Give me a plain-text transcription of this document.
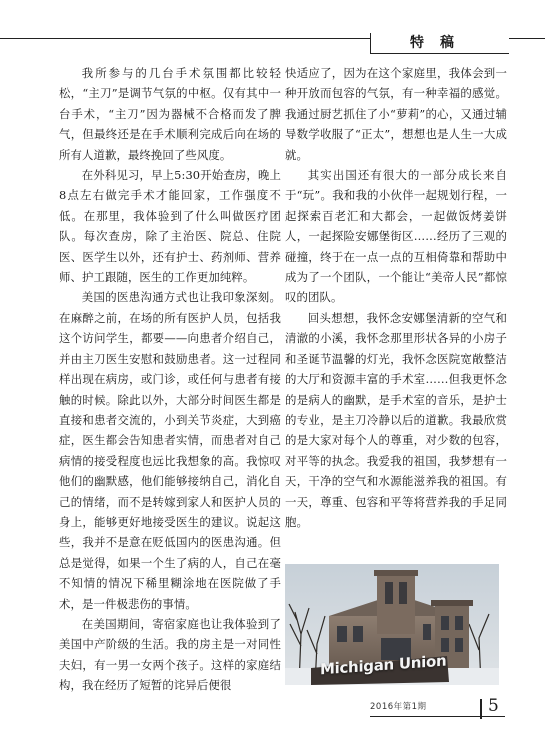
特稿

我所参与的几台手术氛围都比较轻松，“主刀”是调节气氛的中枢。仅有其中一台手术，“主刀”因为器械不合格而发了脾气，但最终还是在手术顺利完成后向在场的所有人道歉，最终挽回了些风度。

在外科见习，早上5:30开始查房，晚上8点左右做完手术才能回家，工作强度不低。在那里，我体验到了什么叫做医疗团队。每次查房，除了主治医、院总、住院医、医学生以外，还有护士、药剂师、营养师、护工跟随，医生的工作更加纯粹。

美国的医患沟通方式也让我印象深刻。在麻醉之前，在场的所有医护人员，包括我这个访问学生，都要——向患者介绍自己，并由主刀医生安慰和鼓励患者。这一过程同样出现在病房，或门诊，或任何与患者有接触的时候。除此以外，大部分时间医生都是直接和患者交流的，小到关节炎症，大到癌症，医生都会告知患者实情，而患者对自己病情的接受程度也远比我想象的高。我惊叹他们的幽默感，他们能够接纳自己，消化自己的情绪，而不是转嫁到家人和医护人员的身上，能够更好地接受医生的建议。说起这些，我并不是意在贬低国内的医患沟通。但总是觉得，如果一个生了病的人，自己在毫不知情的情况下稀里糊涂地在医院做了手术，是一件极悲伤的事情。

在美国期间，寄宿家庭也让我体验到了美国中产阶级的生活。我的房主是一对同性夫妇，有一男一女两个孩子。这样的家庭结构，我在经历了短暂的诧异后便很

快适应了，因为在这个家庭里，我体会到一种开放而包容的气氛，有一种幸福的感觉。我通过厨艺抓住了小“萝莉”的心，又通过辅导数学收服了“正太”，想想也是人生一大成就。

其实出国还有很大的一部分成长来自于“玩”。我和我的小伙伴一起规划行程，一起探索百老汇和大都会，一起做饭烤姜饼人，一起探险安娜堡街区……经历了三观的碰撞，终于在一点一点的互相倚靠和帮助中成为了一个团队，一个能让“美帝人民”都惊叹的团队。

回头想想，我怀念安娜堡清新的空气和清澈的小溪，我怀念那里形状各异的小房子和圣诞节温馨的灯光，我怀念医院宽敞整洁的大厅和资源丰富的手术室……但我更怀念的是病人的幽默，是手术室的音乐，是护士的专业，是主刀冷静以后的道歉。我最欣赏的是大家对每个人的尊重，对少数的包容，对平等的执念。我爱我的祖国，我梦想有一天，干净的空气和水源能滋养我的祖国。有一天，尊重、包容和平等将营养我的手足同胞。

Michigan Union
2016年第1期	5
